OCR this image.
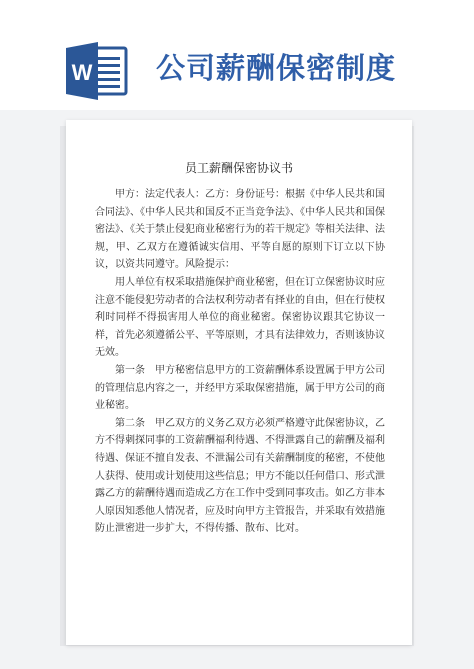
W 公司薪酬保密制度
员工薪酬保密协议书

甲方：法定代表人：乙方：身份证号：根据《中华人民共和国合同法》、《中华人民共和国反不正当竞争法》、《中华人民共和国保密法》、《关于禁止侵犯商业秘密行为的若干规定》等相关法律、法规，甲、乙双方在遵循诚实信用、平等自愿的原则下订立以下协议，以资共同遵守。风险提示：

用人单位有权采取措施保护商业秘密，但在订立保密协议时应注意不能侵犯劳动者的合法权利劳动者有择业的自由，但在行使权利时同样不得损害用人单位的商业秘密。保密协议跟其它协议一样，首先必须遵循公平、平等原则，才具有法律效力，否则该协议无效。

第一条　甲方秘密信息甲方的工资薪酬体系设置属于甲方公司的管理信息内容之一，并经甲方采取保密措施，属于甲方公司的商业秘密。

第二条　甲乙双方的义务乙双方必须严格遵守此保密协议，乙方不得刺探同事的工资薪酬福利待遇、不得泄露自己的薪酬及福利待遇、保证不擅自发表、不泄漏公司有关薪酬制度的秘密，不使他人获得、使用或计划使用这些信息；甲方不能以任何借口、形式泄露乙方的薪酬待遇而造成乙方在工作中受到同事攻击。如乙方非本人原因知悉他人情况者，应及时向甲方主管报告，并采取有效措施防止泄密进一步扩大，不得传播、散布、比对。
